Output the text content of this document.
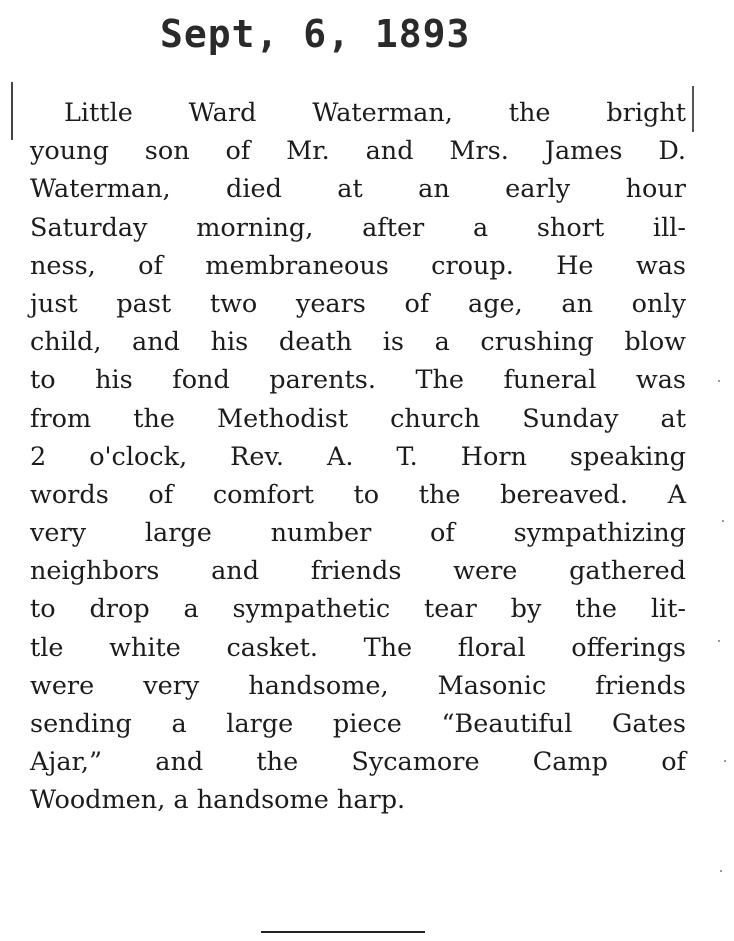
Sept, 6, 1893
Little Ward Waterman, the bright
young son of Mr. and Mrs. James D.
Waterman, died at an early hour
Saturday morning, after a short ill-
ness, of membraneous croup. He was
just past two years of age, an only
child, and his death is a crushing blow
to his fond parents. The funeral was
from the Methodist church Sunday at
2 o'clock, Rev. A. T. Horn speaking
words of comfort to the bereaved. A
very large number of sympathizing
neighbors and friends were gathered
to drop a sympathetic tear by the lit-
tle white casket. The floral offerings
were very handsome, Masonic friends
sending a large piece “Beautiful Gates
Ajar,” and the Sycamore Camp of
Woodmen, a handsome harp.
